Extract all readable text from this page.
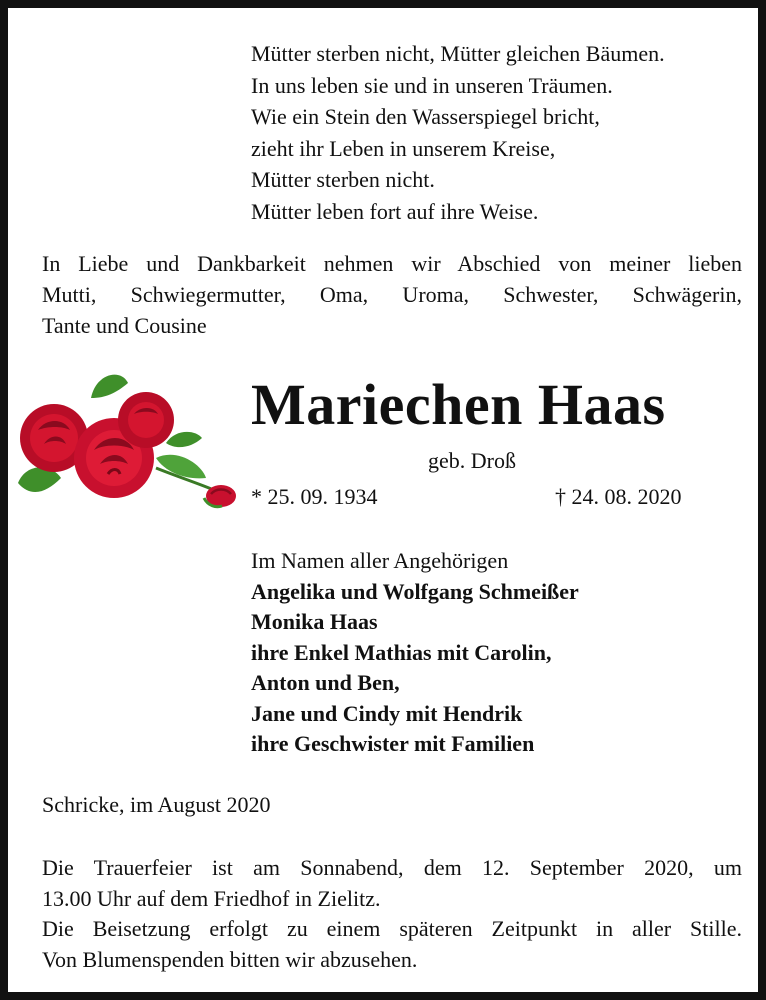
Mütter sterben nicht, Mütter gleichen Bäumen.
In uns leben sie und in unseren Träumen.
Wie ein Stein den Wasserspiegel bricht,
zieht ihr Leben in unserem Kreise,
Mütter sterben nicht.
Mütter leben fort auf ihre Weise.
In Liebe und Dankbarkeit nehmen wir Abschied von meiner lieben
Mutti, Schwiegermutter, Oma, Uroma, Schwester, Schwägerin,
Tante und Cousine
Mariechen Haas
geb. Droß
* 25. 09. 1934	† 24. 08. 2020
Im Namen aller Angehörigen
Angelika und Wolfgang Schmeißer
Monika Haas
ihre Enkel Mathias mit Carolin,
Anton und Ben,
Jane und Cindy mit Hendrik
ihre Geschwister mit Familien
Schricke, im August 2020
Die Trauerfeier ist am Sonnabend, dem 12. September 2020, um
13.00 Uhr auf dem Friedhof in Zielitz.
Die Beisetzung erfolgt zu einem späteren Zeitpunkt in aller Stille.
Von Blumenspenden bitten wir abzusehen.
